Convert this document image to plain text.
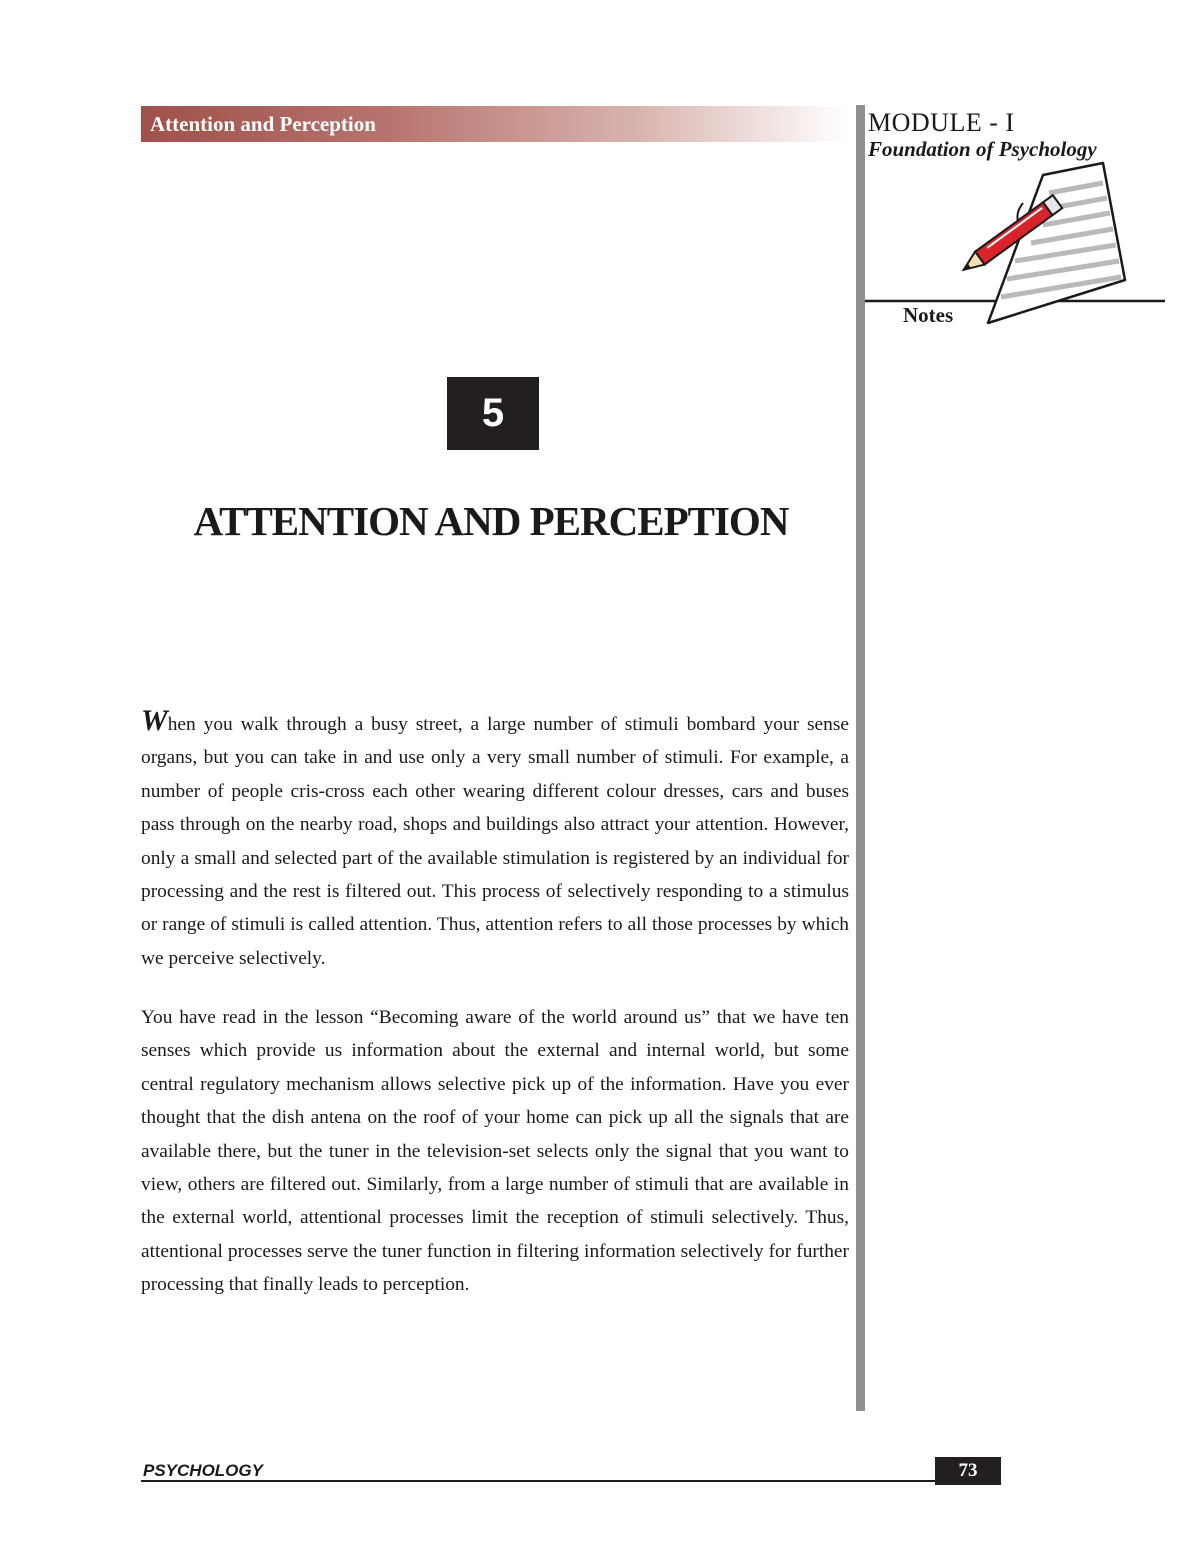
Attention and Perception	MODULE - I
Foundation of Psychology
Notes
5
ATTENTION AND PERCEPTION

When you walk through a busy street, a large number of stimuli bombard your sense organs, but you can take in and use only a very small number of stimuli. For example, a number of people cris-cross each other wearing different colour dresses, cars and buses pass through on the nearby road, shops and buildings also attract your attention. However, only a small and selected part of the available stimulation is registered by an individual for processing and the rest is filtered out. This process of selectively responding to a stimulus or range of stimuli is called attention. Thus, attention refers to all those processes by which we perceive selectively.

You have read in the lesson “Becoming aware of the world around us” that we have ten senses which provide us information about the external and internal world, but some central regulatory mechanism allows selective pick up of the information. Have you ever thought that the dish antena on the roof of your home can pick up all the signals that are available there, but the tuner in the television-set selects only the signal that you want to view, others are filtered out. Similarly, from a large number of stimuli that are available in the external world, attentional processes limit the reception of stimuli selectively. Thus, attentional processes serve the tuner function in filtering information selectively for further processing that finally leads to perception.

PSYCHOLOGY	73
